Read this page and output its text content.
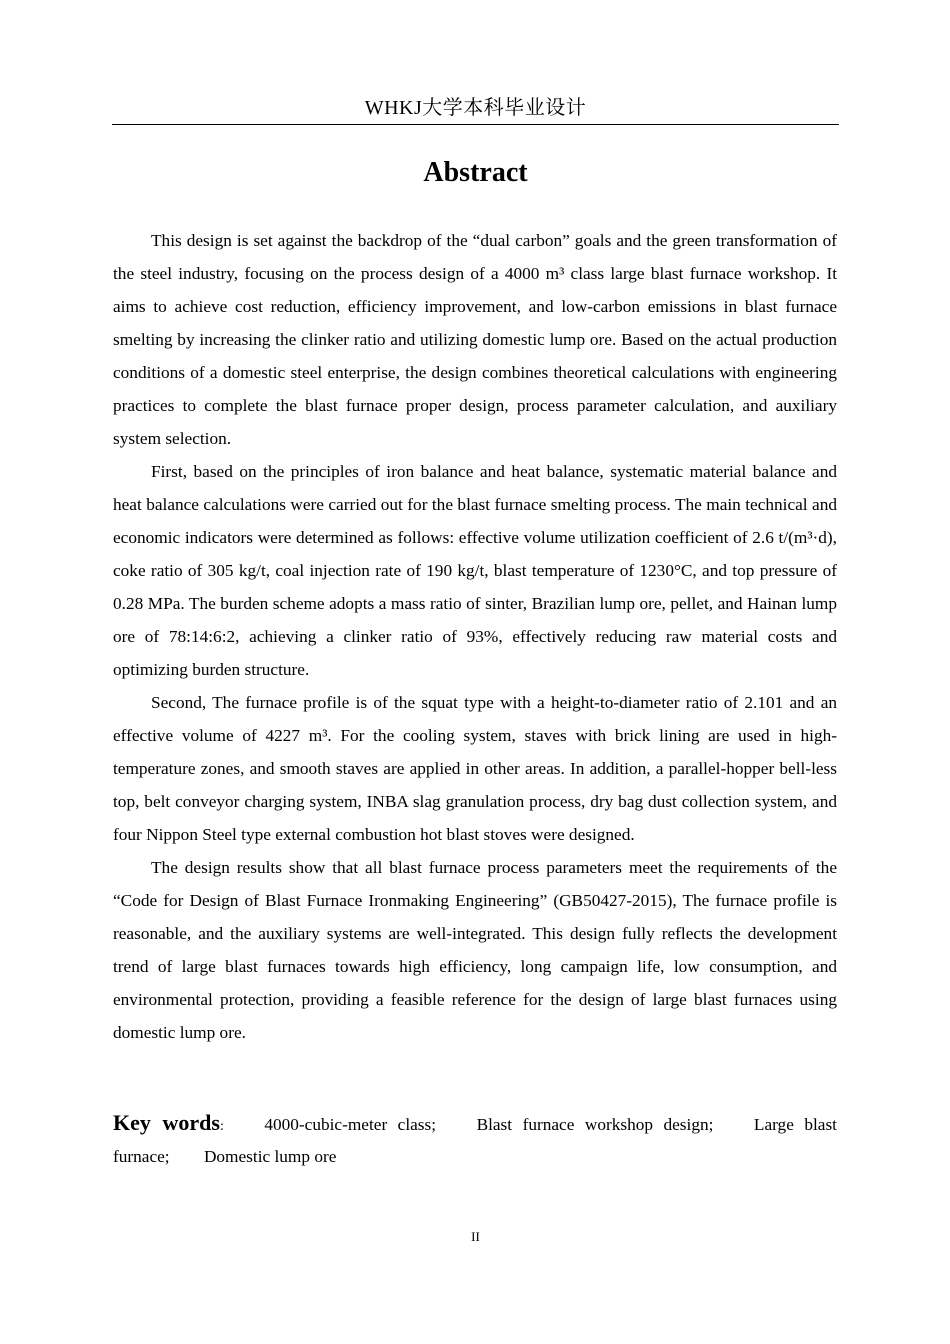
WHKJ大学本科毕业设计
Abstract

This design is set against the backdrop of the “dual carbon” goals and the green transformation of the steel industry, focusing on the process design of a 4000 m³ class large blast furnace workshop. It aims to achieve cost reduction, efficiency improvement, and low-carbon emissions in blast furnace smelting by increasing the clinker ratio and utilizing domestic lump ore. Based on the actual production conditions of a domestic steel enterprise, the design combines theoretical calculations with engineering practices to complete the blast furnace proper design, process parameter calculation, and auxiliary system selection.

First, based on the principles of iron balance and heat balance, systematic material balance and heat balance calculations were carried out for the blast furnace smelting process. The main technical and economic indicators were determined as follows: effective volume utilization coefficient of 2.6 t/(m³·d), coke ratio of 305 kg/t, coal injection rate of 190 kg/t, blast temperature of 1230°C, and top pressure of 0.28 MPa. The burden scheme adopts a mass ratio of sinter, Brazilian lump ore, pellet, and Hainan lump ore of 78:14:6:2, achieving a clinker ratio of 93%, effectively reducing raw material costs and optimizing burden structure.

Second, The furnace profile is of the squat type with a height-to-diameter ratio of 2.101 and an effective volume of 4227 m³. For the cooling system, staves with brick lining are used in high-temperature zones, and smooth staves are applied in other areas. In addition, a parallel-hopper bell-less top, belt conveyor charging system, INBA slag granulation process, dry bag dust collection system, and four Nippon Steel type external combustion hot blast stoves were designed.

The design results show that all blast furnace process parameters meet the requirements of the “Code for Design of Blast Furnace Ironmaking Engineering” (GB50427-2015), The furnace profile is reasonable, and the auxiliary systems are well-integrated. This design fully reflects the development trend of large blast furnaces towards high efficiency, long campaign life, low consumption, and environmental protection, providing a feasible reference for the design of large blast furnaces using domestic lump ore.

Key words: 4000-cubic-meter class; Blast furnace workshop design; Large blast furnace; Domestic lump ore
II
